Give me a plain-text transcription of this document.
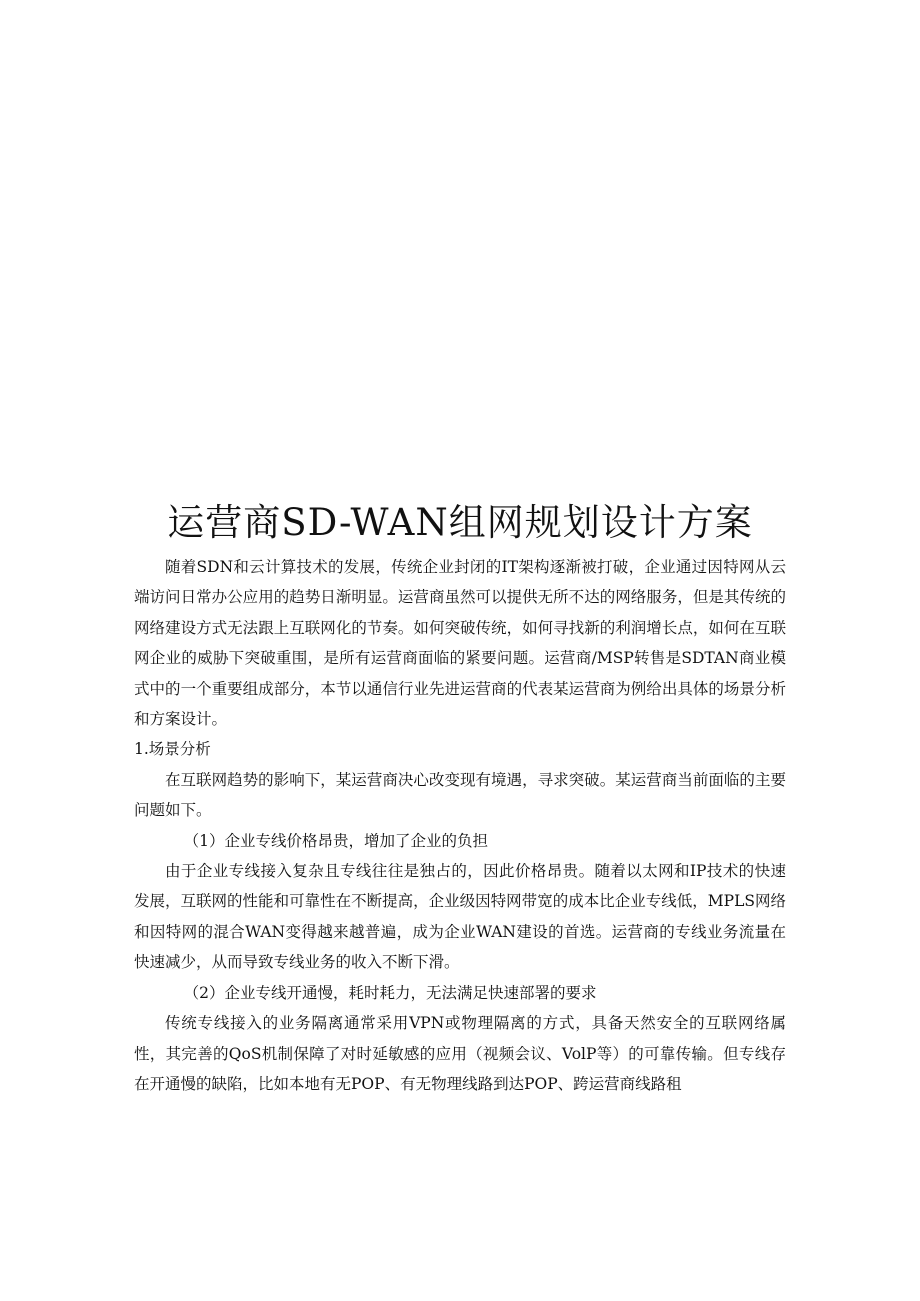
运营商SD-WAN组网规划设计方案

随着SDN和云计算技术的发展，传统企业封闭的IT架构逐渐被打破，企业通过因特网从云端访问日常办公应用的趋势日渐明显。运营商虽然可以提供无所不达的网络服务，但是其传统的网络建设方式无法跟上互联网化的节奏。如何突破传统，如何寻找新的利润增长点，如何在互联网企业的威胁下突破重围，是所有运营商面临的紧要问题。运营商/MSP转售是SDTAN商业模式中的一个重要组成部分，本节以通信行业先进运营商的代表某运营商为例给出具体的场景分析和方案设计。

1.场景分析

在互联网趋势的影响下，某运营商决心改变现有境遇，寻求突破。某运营商当前面临的主要问题如下。

（1）企业专线价格昂贵，增加了企业的负担

由于企业专线接入复杂且专线往往是独占的，因此价格昂贵。随着以太网和IP技术的快速发展，互联网的性能和可靠性在不断提高，企业级因特网带宽的成本比企业专线低，MPLS网络和因特网的混合WAN变得越来越普遍，成为企业WAN建设的首选。运营商的专线业务流量在快速减少，从而导致专线业务的收入不断下滑。

（2）企业专线开通慢，耗时耗力，无法满足快速部署的要求

传统专线接入的业务隔离通常采用VPN或物理隔离的方式，具备天然安全的互联网络属性，其完善的QoS机制保障了对时延敏感的应用（视频会议、VolP等）的可靠传输。但专线存在开通慢的缺陷，比如本地有无POP、有无物理线路到达POP、跨运营商线路租
